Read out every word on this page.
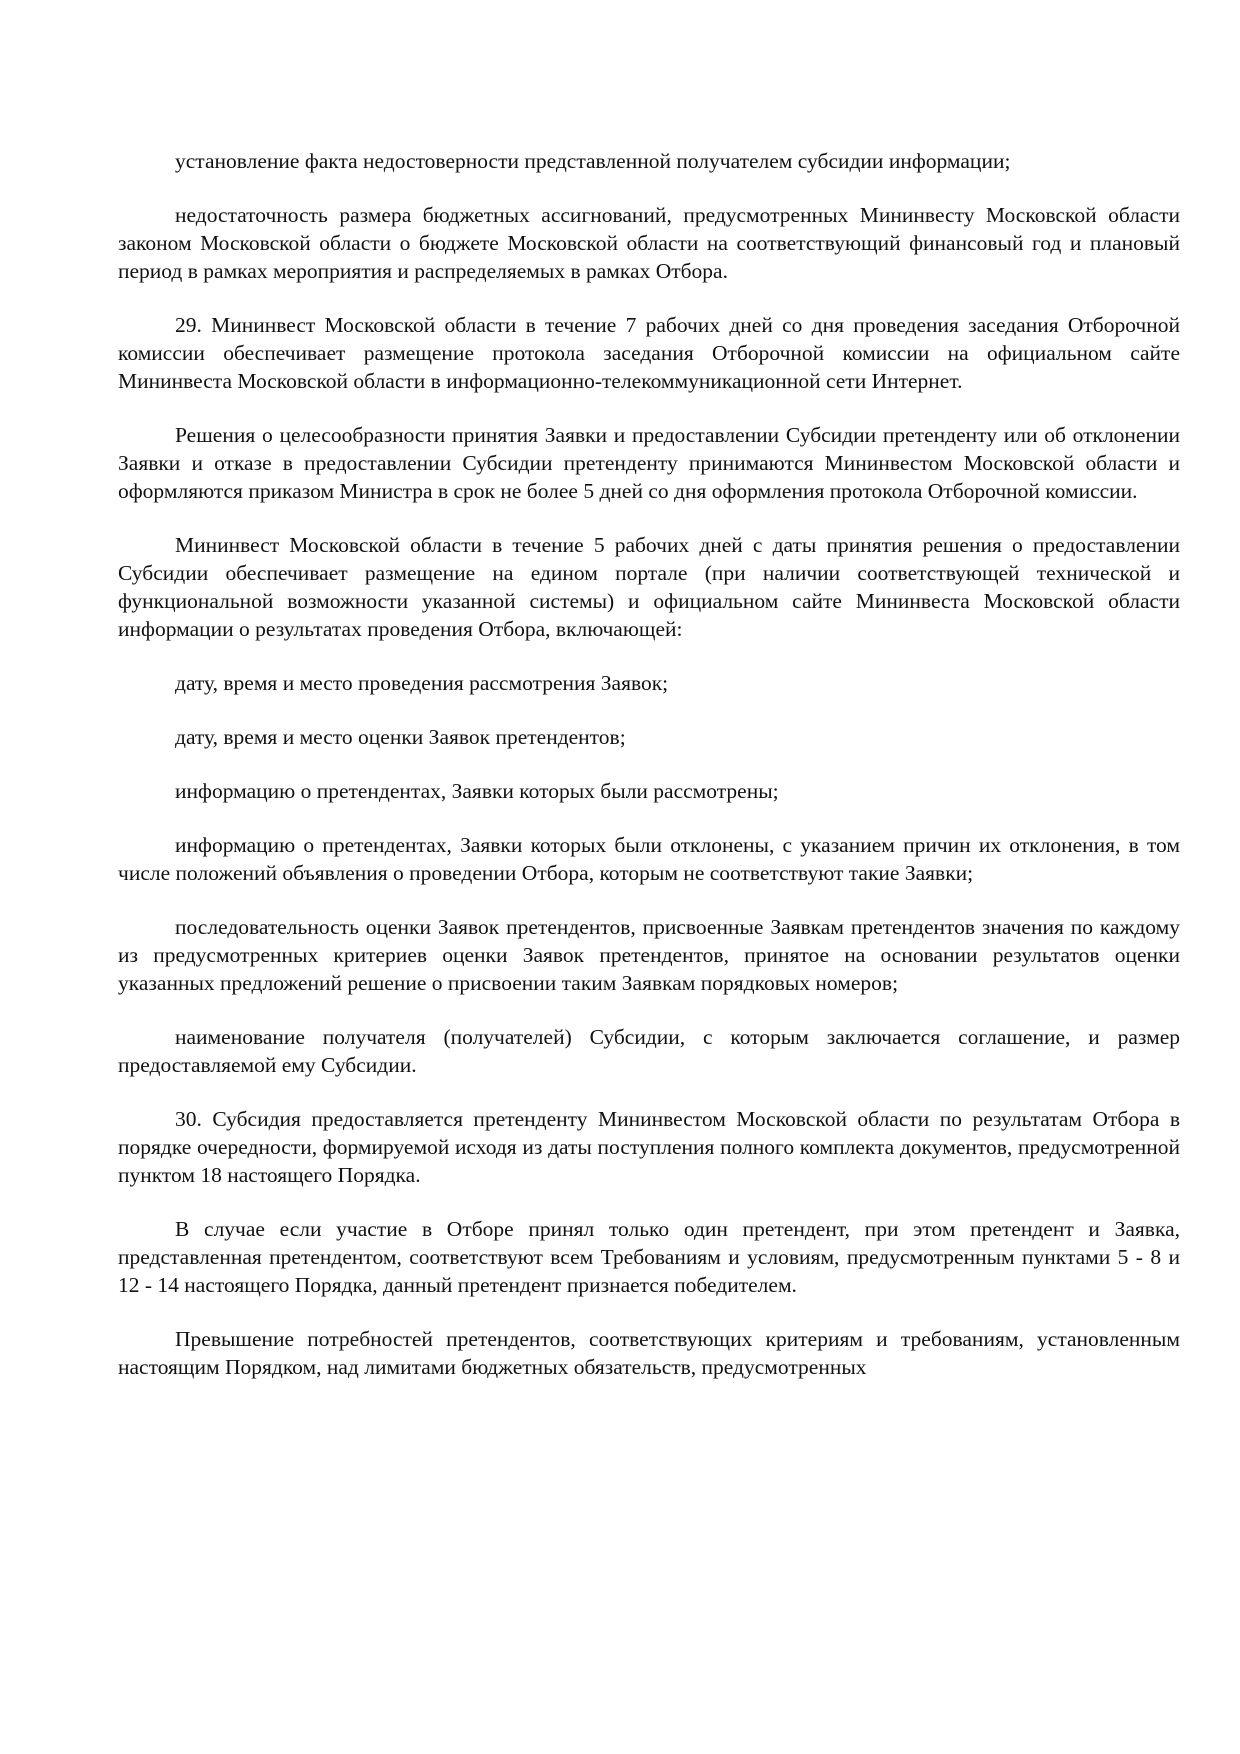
установление факта недостоверности представленной получателем субсидии информации;

недостаточность размера бюджетных ассигнований, предусмотренных Мининвесту Московской области законом Московской области о бюджете Московской области на соответствующий финансовый год и плановый период в рамках мероприятия и распределяемых в рамках Отбора.

29. Мининвест Московской области в течение 7 рабочих дней со дня проведения заседания Отборочной комиссии обеспечивает размещение протокола заседания Отборочной комиссии на официальном сайте Мининвеста Московской области в информационно-телекоммуникационной сети Интернет.

Решения о целесообразности принятия Заявки и предоставлении Субсидии претенденту или об отклонении Заявки и отказе в предоставлении Субсидии претенденту принимаются Мининвестом Московской области и оформляются приказом Министра в срок не более 5 дней со дня оформления протокола Отборочной комиссии.

Мининвест Московской области в течение 5 рабочих дней с даты принятия решения о предоставлении Субсидии обеспечивает размещение на едином портале (при наличии соответствующей технической и функциональной возможности указанной системы) и официальном сайте Мининвеста Московской области информации о результатах проведения Отбора, включающей:

дату, время и место проведения рассмотрения Заявок;

дату, время и место оценки Заявок претендентов;

информацию о претендентах, Заявки которых были рассмотрены;

информацию о претендентах, Заявки которых были отклонены, с указанием причин их отклонения, в том числе положений объявления о проведении Отбора, которым не соответствуют такие Заявки;

последовательность оценки Заявок претендентов, присвоенные Заявкам претендентов значения по каждому из предусмотренных критериев оценки Заявок претендентов, принятое на основании результатов оценки указанных предложений решение о присвоении таким Заявкам порядковых номеров;

наименование получателя (получателей) Субсидии, с которым заключается соглашение, и размер предоставляемой ему Субсидии.

30. Субсидия предоставляется претенденту Мининвестом Московской области по результатам Отбора в порядке очередности, формируемой исходя из даты поступления полного комплекта документов, предусмотренной пунктом 18 настоящего Порядка.

В случае если участие в Отборе принял только один претендент, при этом претендент и Заявка, представленная претендентом, соответствуют всем Требованиям и условиям, предусмотренным пунктами 5 - 8 и 12 - 14 настоящего Порядка, данный претендент признается победителем.

Превышение потребностей претендентов, соответствующих критериям и требованиям, установленным настоящим Порядком, над лимитами бюджетных обязательств, предусмотренных
